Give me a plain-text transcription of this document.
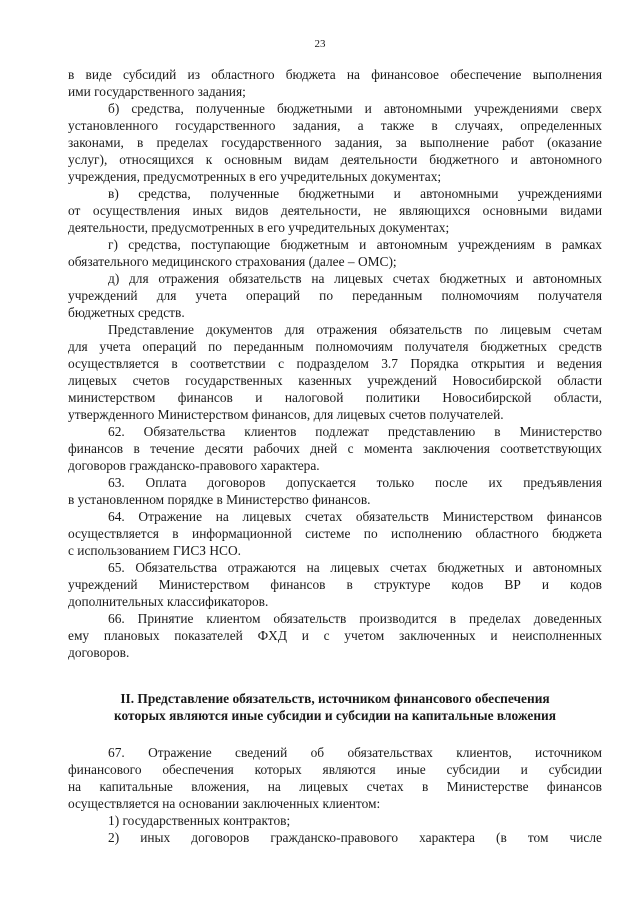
23
в виде субсидий из областного бюджета на финансовое обеспечение выполнения
ими государственного задания;
б) средства, полученные бюджетными и автономными учреждениями сверх
установленного государственного задания, а также в случаях, определенных
законами, в пределах государственного задания, за выполнение работ (оказание
услуг), относящихся к основным видам деятельности бюджетного и автономного
учреждения, предусмотренных в его учредительных документах;
в) средства, полученные бюджетными и автономными учреждениями
от осуществления иных видов деятельности, не являющихся основными видами
деятельности, предусмотренных в его учредительных документах;
г) средства, поступающие бюджетным и автономным учреждениям в рамках
обязательного медицинского страхования (далее – ОМС);
д) для отражения обязательств на лицевых счетах бюджетных и автономных
учреждений для учета операций по переданным полномочиям получателя
бюджетных средств.
Представление документов для отражения обязательств по лицевым счетам
для учета операций по переданным полномочиям получателя бюджетных средств
осуществляется в соответствии с подразделом 3.7 Порядка открытия и ведения
лицевых счетов государственных казенных учреждений Новосибирской области
министерством финансов и налоговой политики Новосибирской области,
утвержденного Министерством финансов, для лицевых счетов получателей.
62. Обязательства клиентов подлежат представлению в Министерство
финансов в течение десяти рабочих дней с момента заключения соответствующих
договоров гражданско-правового характера.
63. Оплата договоров допускается только после их предъявления
в установленном порядке в Министерство финансов.
64. Отражение на лицевых счетах обязательств Министерством финансов
осуществляется в информационной системе по исполнению областного бюджета
с использованием ГИСЗ НСО.
65. Обязательства отражаются на лицевых счетах бюджетных и автономных
учреждений Министерством финансов в структуре кодов ВР и кодов
дополнительных классификаторов.
66. Принятие клиентом обязательств производится в пределах доведенных
ему плановых показателей ФХД и с учетом заключенных и неисполненных
договоров.
II. Представление обязательств, источником финансового обеспечения
которых являются иные субсидии и субсидии на капитальные вложения
67. Отражение сведений об обязательствах клиентов, источником
финансового обеспечения которых являются иные субсидии и субсидии
на капитальные вложения, на лицевых счетах в Министерстве финансов
осуществляется на основании заключенных клиентом:
1) государственных контрактов;
2) иных договоров гражданско-правового характера (в том числе
